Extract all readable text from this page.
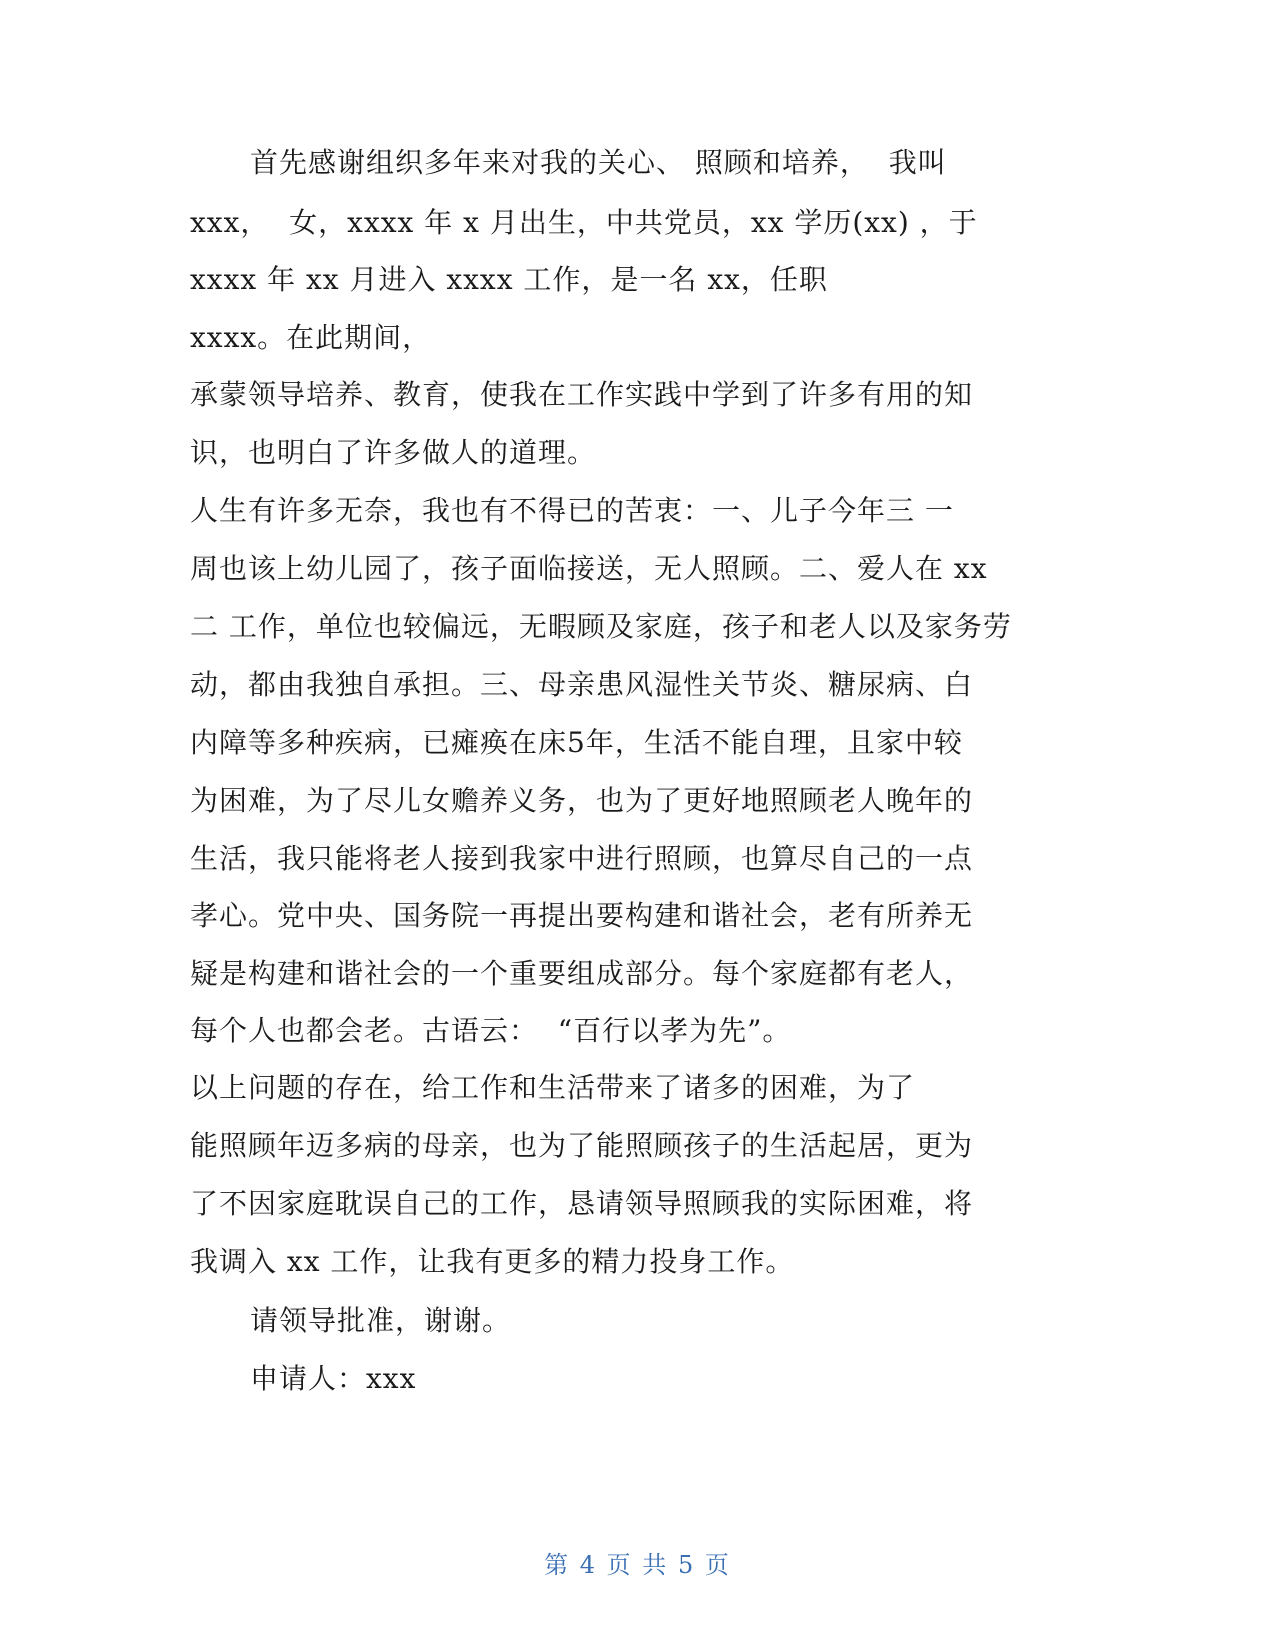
首先感谢组织多年来对我的关心、 照顾和培养，  我叫
xxx，  女，xxxx 年 x 月出生，中共党员，xx 学历(xx) ，于
xxxx 年 xx 月进入 xxxx 工作，是一名 xx，任职
xxxx。在此期间，
承蒙领导培养、教育，使我在工作实践中学到了许多有用的知
识，也明白了许多做人的道理。
人生有许多无奈，我也有不得已的苦衷：一、儿子今年三 一
周也该上幼儿园了，孩子面临接送，无人照顾。二、爱人在 xx
二 工作，单位也较偏远，无暇顾及家庭，孩子和老人以及家务劳
动，都由我独自承担。三、母亲患风湿性关节炎、糖尿病、白
内障等多种疾病，已瘫痪在床5年，生活不能自理，且家中较
为困难，为了尽儿女赡养义务，也为了更好地照顾老人晚年的
生活，我只能将老人接到我家中进行照顾，也算尽自己的一点
孝心。党中央、国务院一再提出要构建和谐社会，老有所养无
疑是构建和谐社会的一个重要组成部分。每个家庭都有老人，
每个人也都会老。古语云：  “百行以孝为先”。
以上问题的存在，给工作和生活带来了诸多的困难，为了
能照顾年迈多病的母亲，也为了能照顾孩子的生活起居，更为
了不因家庭耽误自己的工作，恳请领导照顾我的实际困难，将
我调入 xx 工作，让我有更多的精力投身工作。
请领导批准，谢谢。
申请人：xxx
第 4 页 共 5 页
